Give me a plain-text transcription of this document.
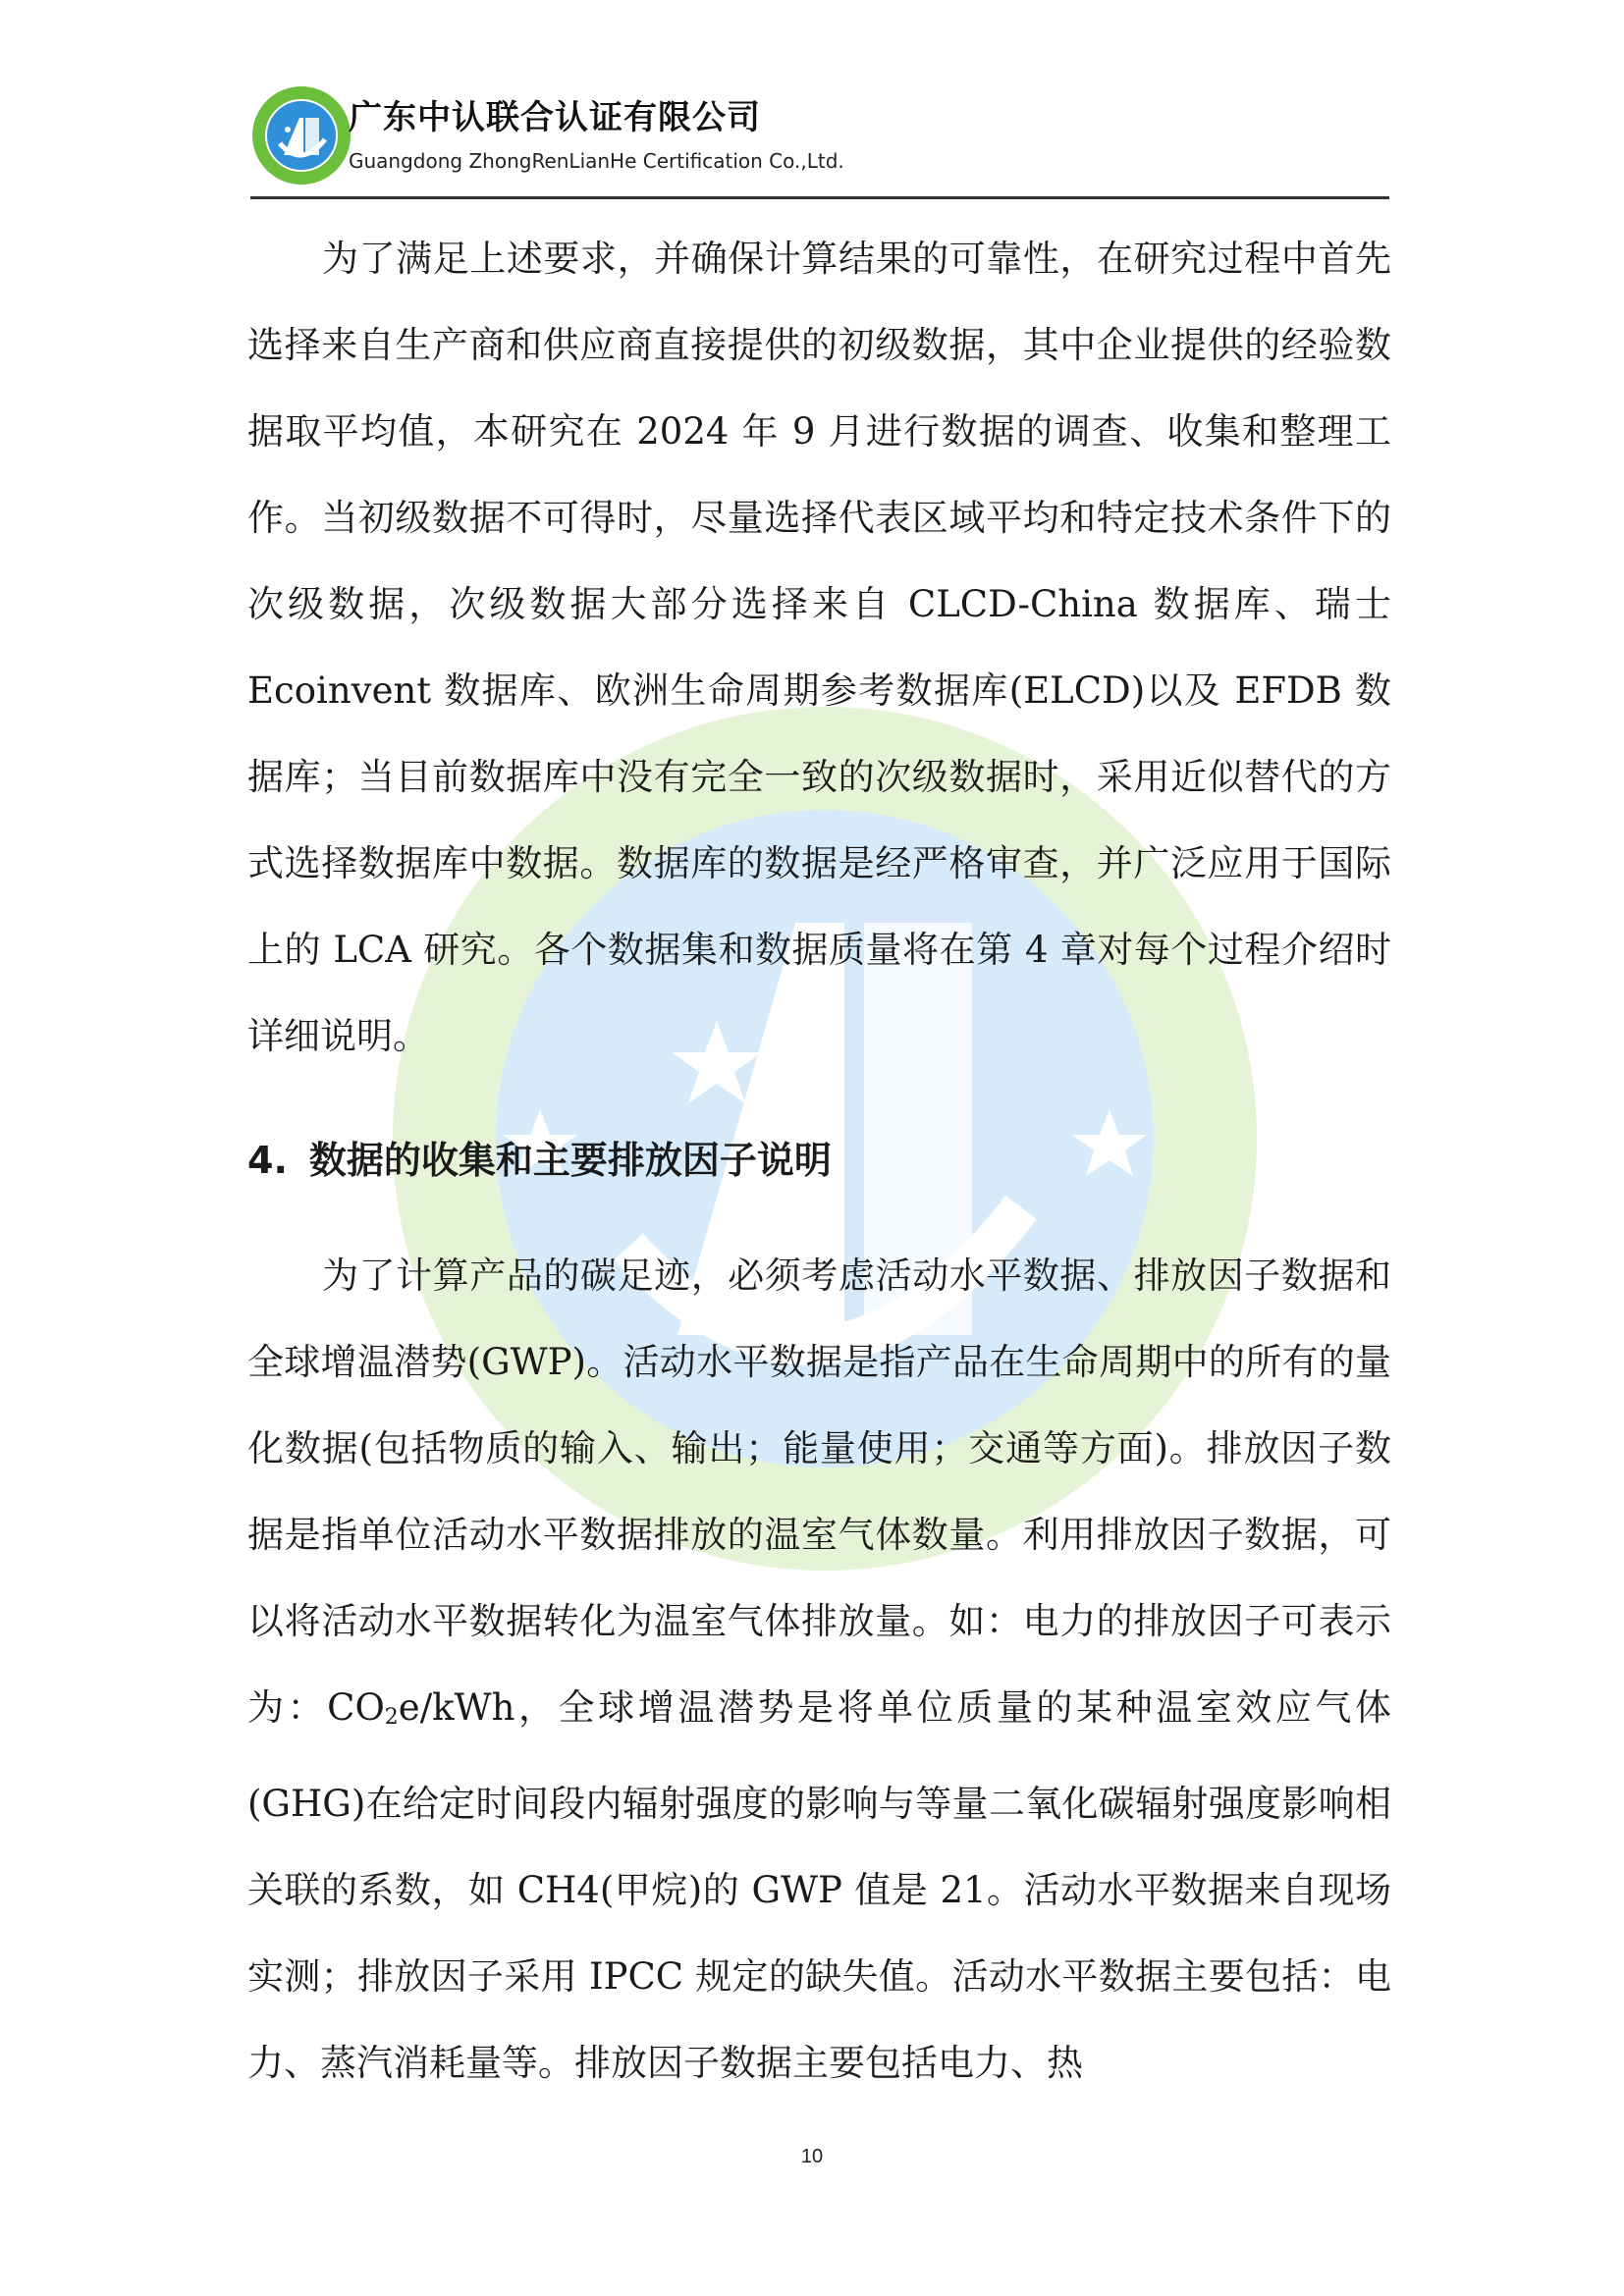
广东中认联合认证有限公司
Guangdong ZhongRenLianHe Certification Co.,Ltd.

为了满足上述要求，并确保计算结果的可靠性，在研究过程中首先选择来自生产商和供应商直接提供的初级数据，其中企业提供的经验数据取平均值，本研究在 2024 年 9 月进行数据的调查、收集和整理工作。当初级数据不可得时，尽量选择代表区域平均和特定技术条件下的次级数据，次级数据大部分选择来自 CLCD-China 数据库、瑞士 Ecoinvent 数据库、欧洲生命周期参考数据库(ELCD)以及 EFDB 数据库；当目前数据库中没有完全一致的次级数据时，采用近似替代的方式选择数据库中数据。数据库的数据是经严格审查，并广泛应用于国际上的 LCA 研究。各个数据集和数据质量将在第 4 章对每个过程介绍时详细说明。

4. 数据的收集和主要排放因子说明

为了计算产品的碳足迹，必须考虑活动水平数据、排放因子数据和全球增温潜势(GWP)。活动水平数据是指产品在生命周期中的所有的量化数据(包括物质的输入、输出；能量使用；交通等方面)。排放因子数据是指单位活动水平数据排放的温室气体数量。利用排放因子数据，可以将活动水平数据转化为温室气体排放量。如：电力的排放因子可表示为：$CO_2e$/kWh，全球增温潜势是将单位质量的某种温室效应气体(GHG)在给定时间段内辐射强度的影响与等量二氧化碳辐射强度影响相关联的系数，如 CH4(甲烷)的 GWP 值是 21。活动水平数据来自现场实测；排放因子采用 IPCC 规定的缺失值。活动水平数据主要包括：电力、蒸汽消耗量等。排放因子数据主要包括电力、热

10
